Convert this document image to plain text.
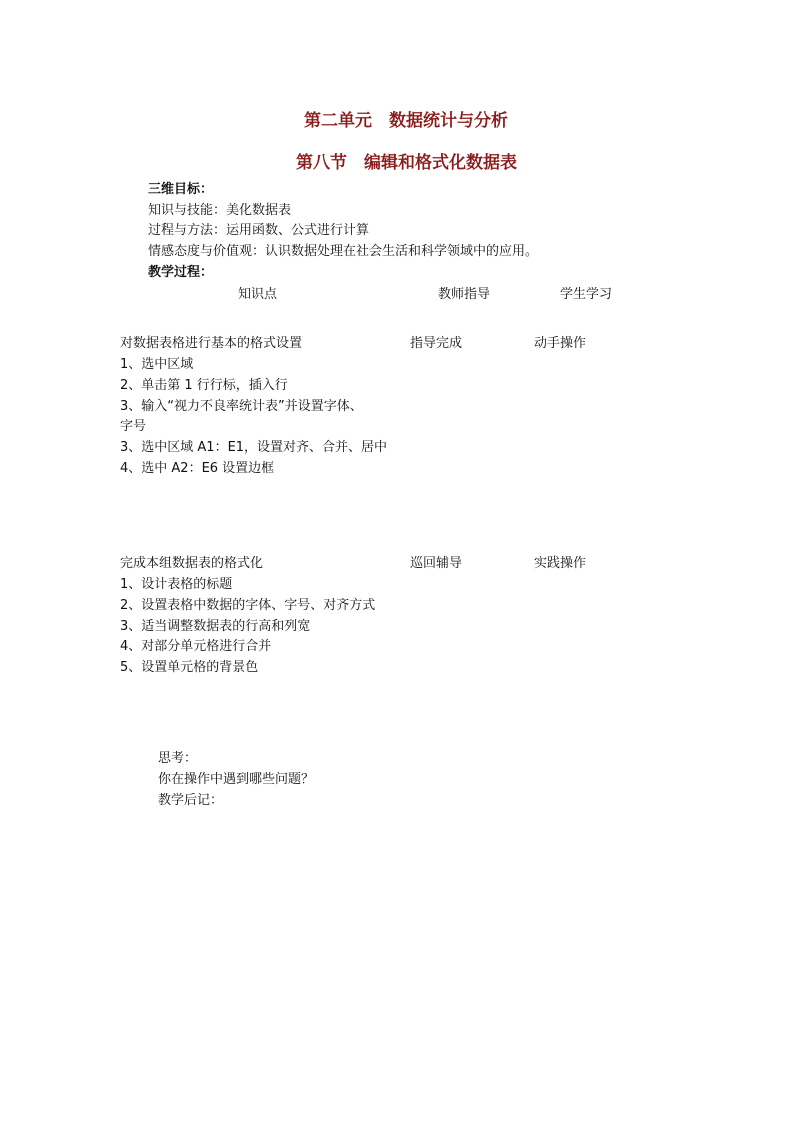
第二单元　数据统计与分析
第八节　编辑和格式化数据表
三维目标：
知识与技能：美化数据表
过程与方法：运用函数、公式进行计算
情感态度与价值观：认识数据处理在社会生活和科学领域中的应用。
教学过程：
知识点	教师指导	学生学习
对数据表格进行基本的格式设置	指导完成	动手操作
1、选中区域
2、单击第 1 行行标，插入行
3、输入“视力不良率统计表”并设置字体、
字号
3、选中区域 A1：E1，设置对齐、合并、居中
4、选中 A2：E6 设置边框
完成本组数据表的格式化	巡回辅导	实践操作
1、设计表格的标题
2、设置表格中数据的字体、字号、对齐方式
3、适当调整数据表的行高和列宽
4、对部分单元格进行合并
5、设置单元格的背景色
思考：
你在操作中遇到哪些问题？
教学后记：
